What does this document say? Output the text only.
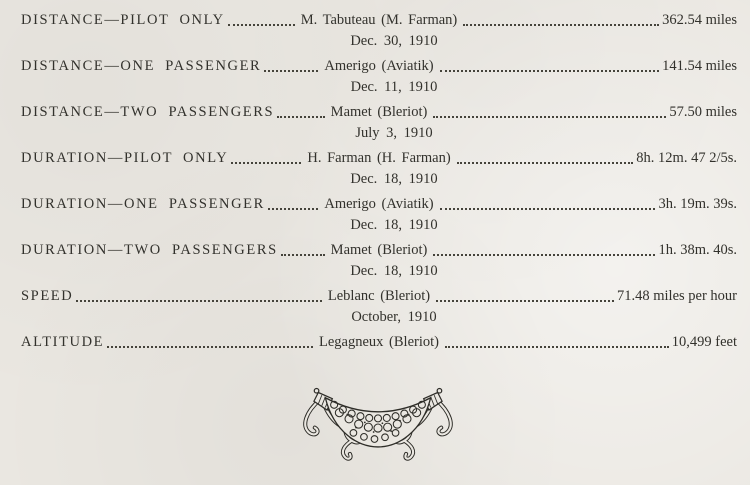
DISTANCE—PILOT ONLY	M. Tabuteau (M. Farman)	362.54 miles
Dec. 30, 1910
DISTANCE—ONE PASSENGER	Amerigo (Aviatik)	141.54 miles
Dec. 11, 1910
DISTANCE—TWO PASSENGERS	Mamet (Bleriot)	57.50 miles
July 3, 1910
DURATION—PILOT ONLY	H. Farman (H. Farman)	8h. 12m. 47 2/5s.
Dec. 18, 1910
DURATION—ONE PASSENGER	Amerigo (Aviatik)	3h. 19m. 39s.
Dec. 18, 1910
DURATION—TWO PASSENGERS	Mamet (Bleriot)	1h. 38m. 40s.
Dec. 18, 1910
SPEED	Leblanc (Bleriot)	71.48 miles per hour
October, 1910
ALTITUDE	Legagneux (Bleriot)	10,499 feet
